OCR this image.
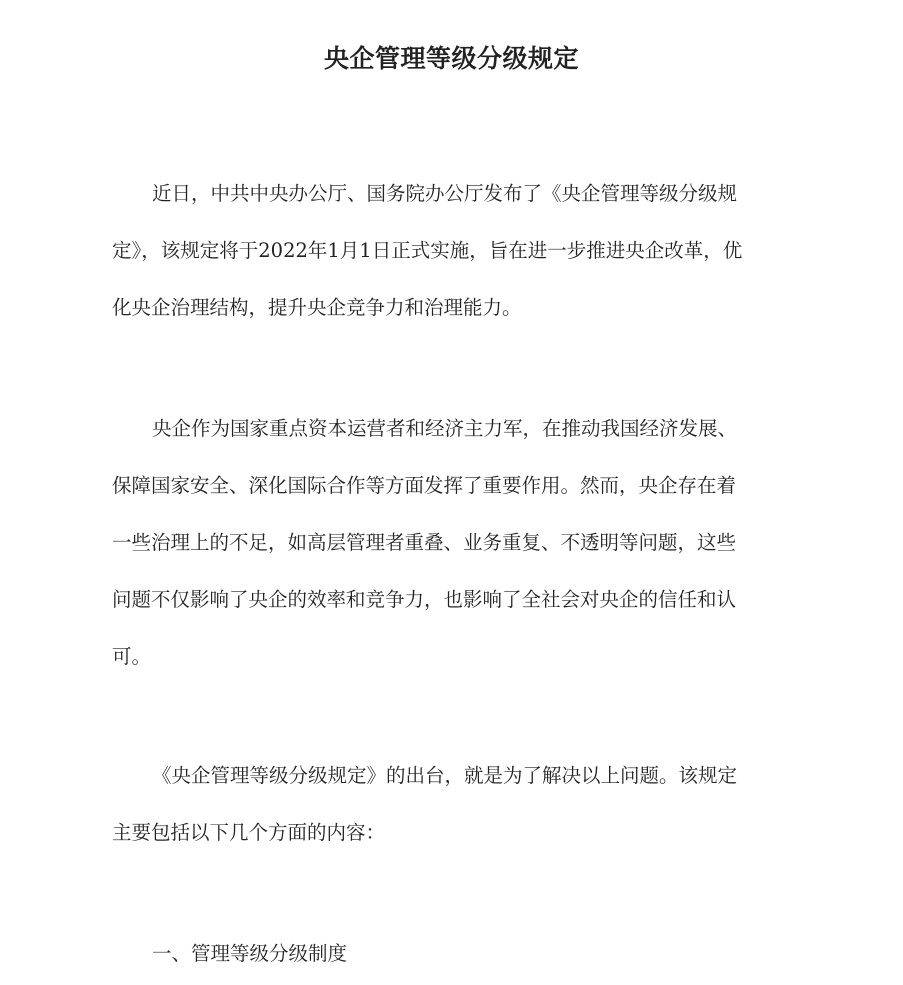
央企管理等级分级规定
近日，中共中央办公厅、国务院办公厅发布了《央企管理等级分级规
定》，该规定将于2022年1月1日正式实施，旨在进一步推进央企改革，优
化央企治理结构，提升央企竞争力和治理能力。
央企作为国家重点资本运营者和经济主力军，在推动我国经济发展、
保障国家安全、深化国际合作等方面发挥了重要作用。然而，央企存在着
一些治理上的不足，如高层管理者重叠、业务重复、不透明等问题，这些
问题不仅影响了央企的效率和竞争力，也影响了全社会对央企的信任和认
可。
《央企管理等级分级规定》的出台，就是为了解决以上问题。该规定
主要包括以下几个方面的内容：
一、管理等级分级制度
